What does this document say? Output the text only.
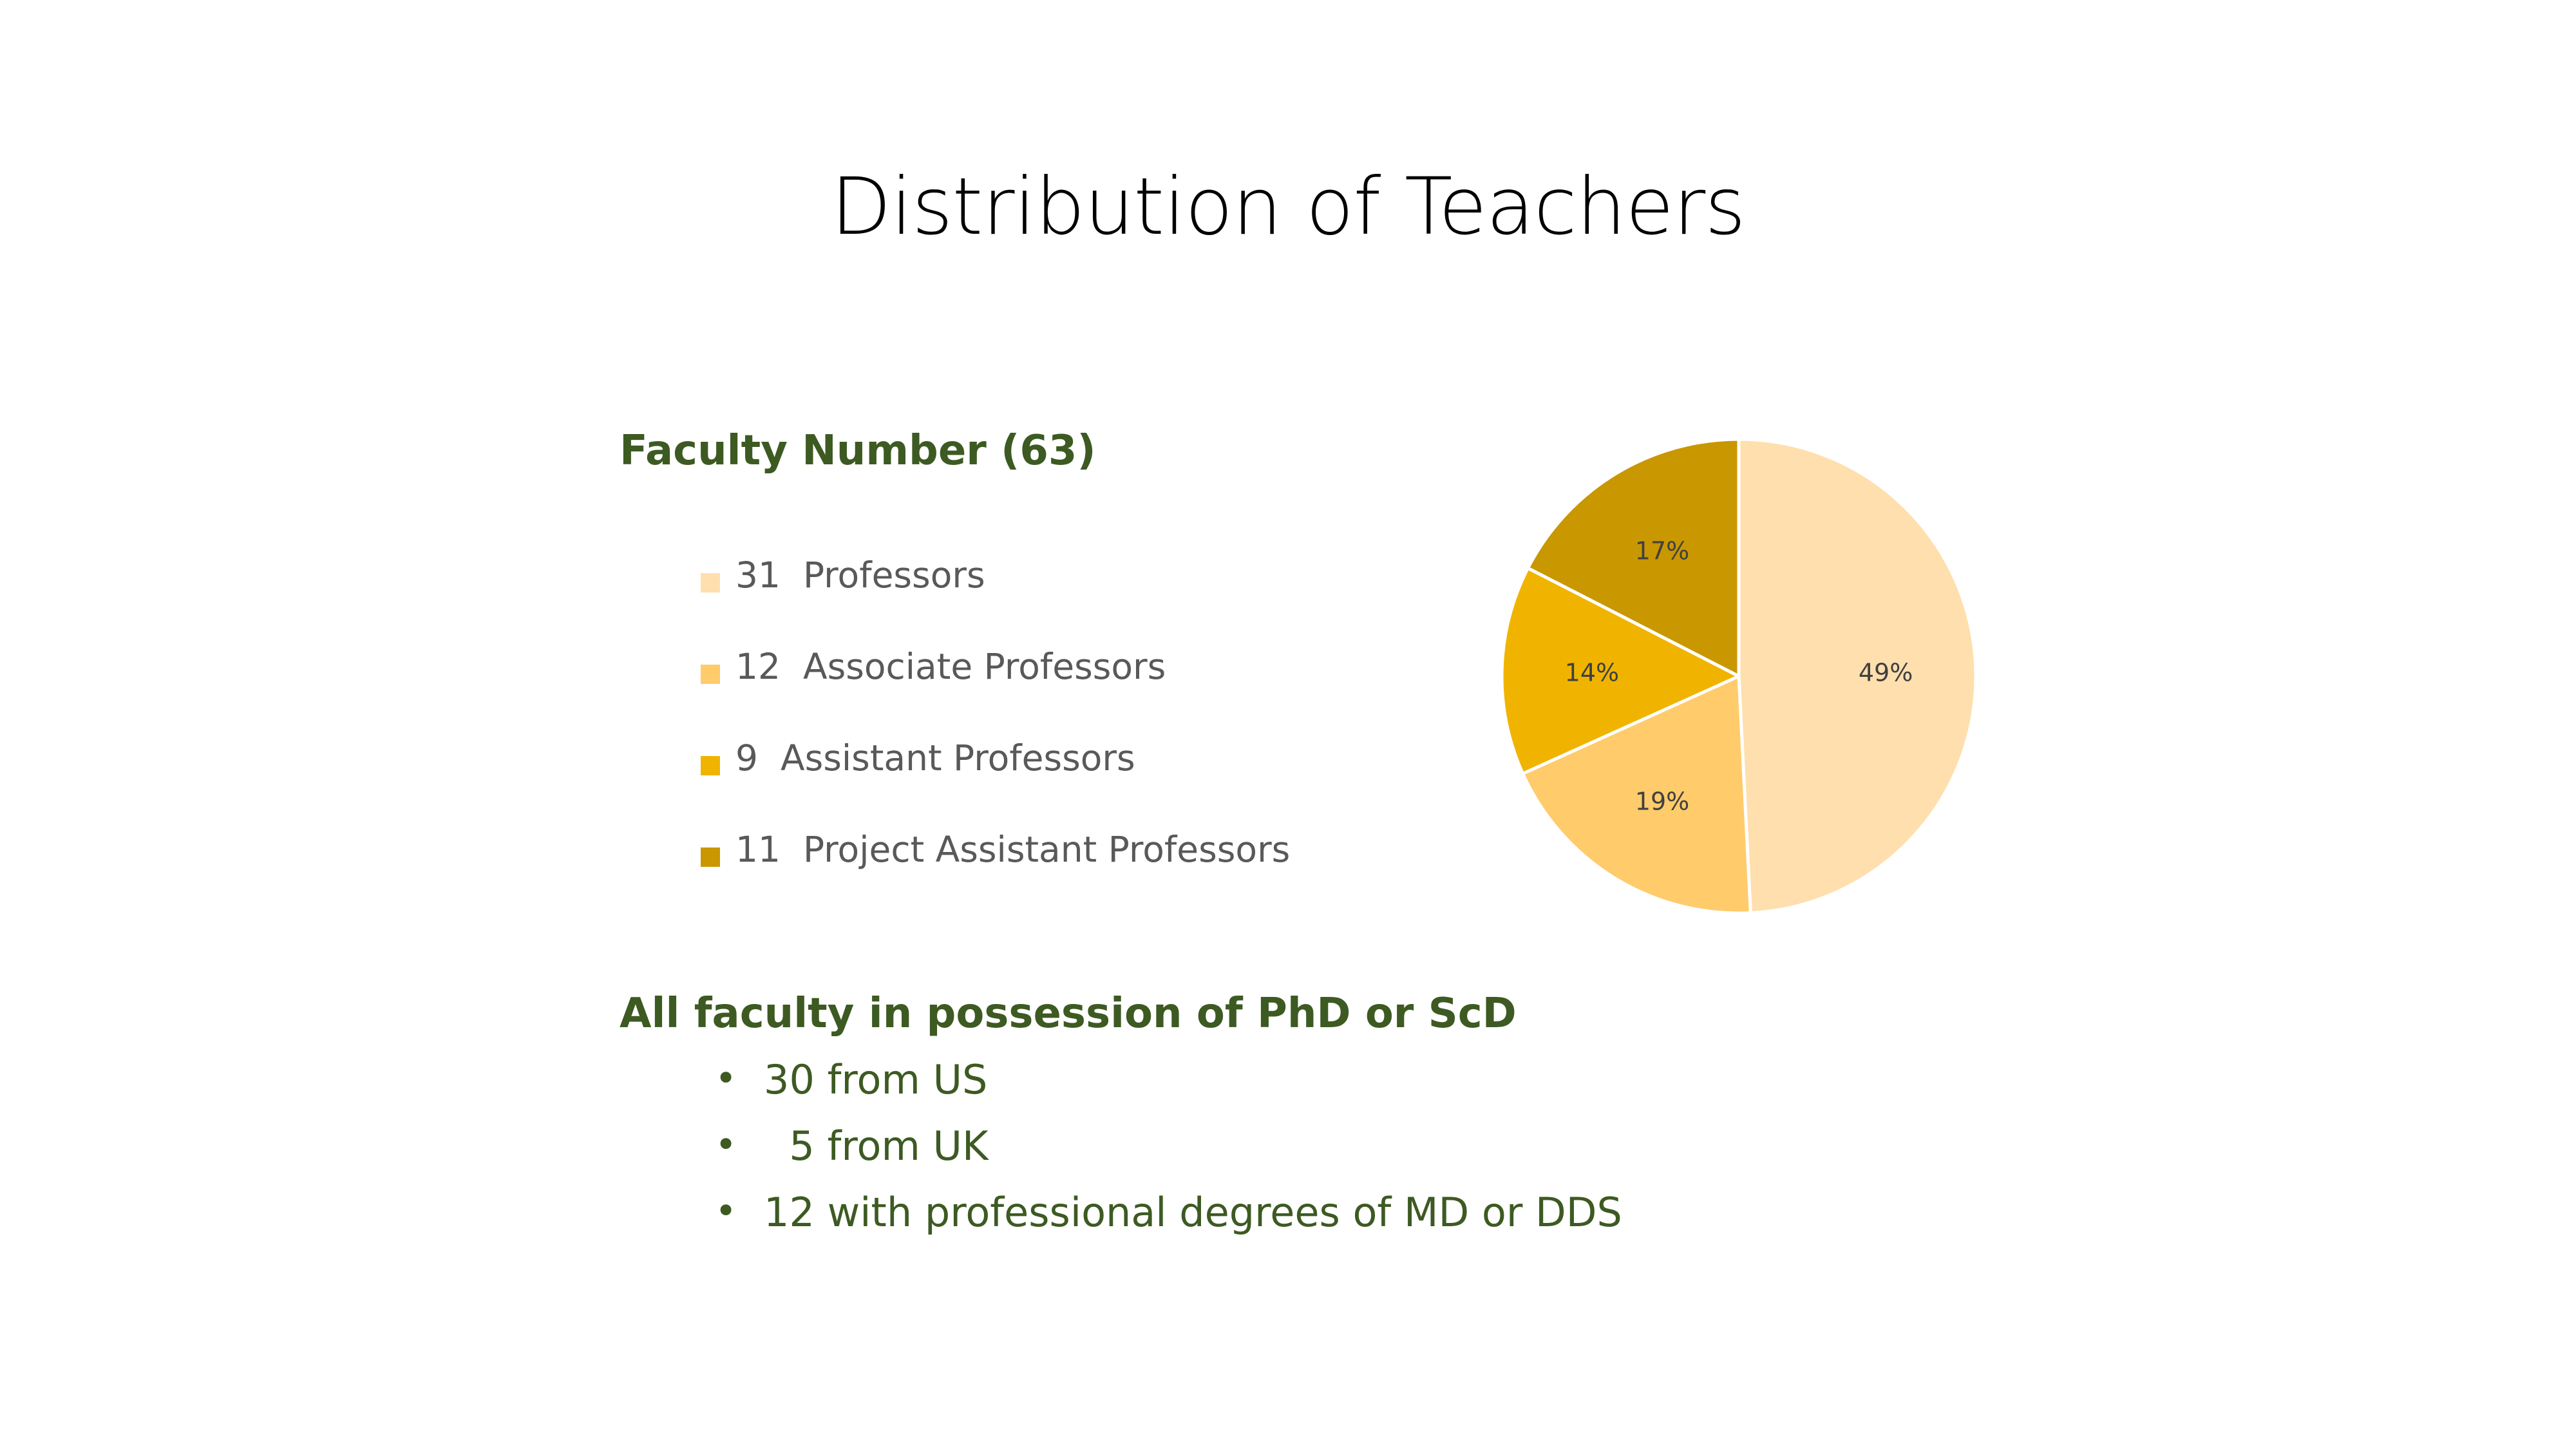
Distribution of Teachers
Faculty Number (63)
31  Professors
12  Associate Professors
9  Assistant Professors
11  Project Assistant Professors
49%
19%
14%
17%
All faculty in possession of PhD or ScD
• 30 from US
• 5 from UK
• 12 with professional degrees of MD or DDS
